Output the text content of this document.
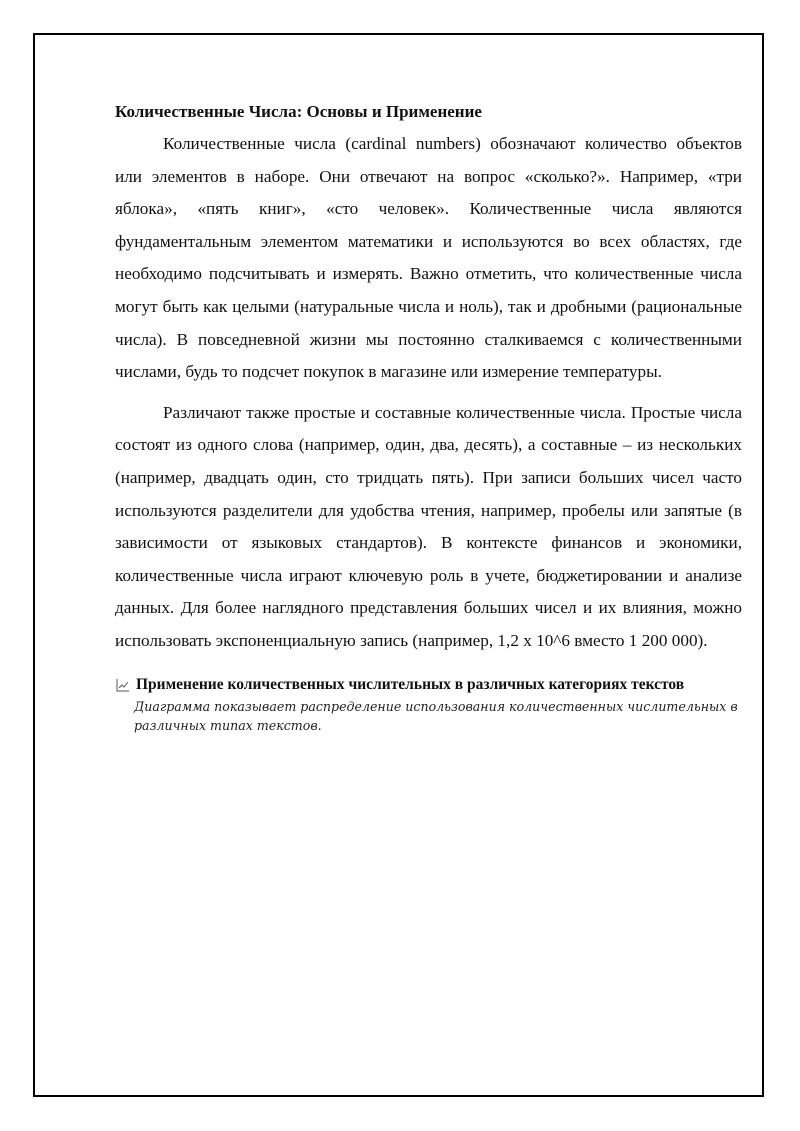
Количественные Числа: Основы и Применение

Количественные числа (cardinal numbers) обозначают количество объектов или элементов в наборе. Они отвечают на вопрос «сколько?». Например, «три яблока», «пять книг», «сто человек». Количественные числа являются фундаментальным элементом математики и используются во всех областях, где необходимо подсчитывать и измерять. Важно отметить, что количественные числа могут быть как целыми (натуральные числа и ноль), так и дробными (рациональные числа). В повседневной жизни мы постоянно сталкиваемся с количественными числами, будь то подсчет покупок в магазине или измерение температуры.

Различают также простые и составные количественные числа. Простые числа состоят из одного слова (например, один, два, десять), а составные – из нескольких (например, двадцать один, сто тридцать пять). При записи больших чисел часто используются разделители для удобства чтения, например, пробелы или запятые (в зависимости от языковых стандартов). В контексте финансов и экономики, количественные числа играют ключевую роль в учете, бюджетировании и анализе данных. Для более наглядного представления больших чисел и их влияния, можно использовать экспоненциальную запись (например, 1,2 x 10^6 вместо 1 200 000).

Применение количественных числительных в различных категориях текстов
Диаграмма показывает распределение использования количественных числительных в различных типах текстов.
